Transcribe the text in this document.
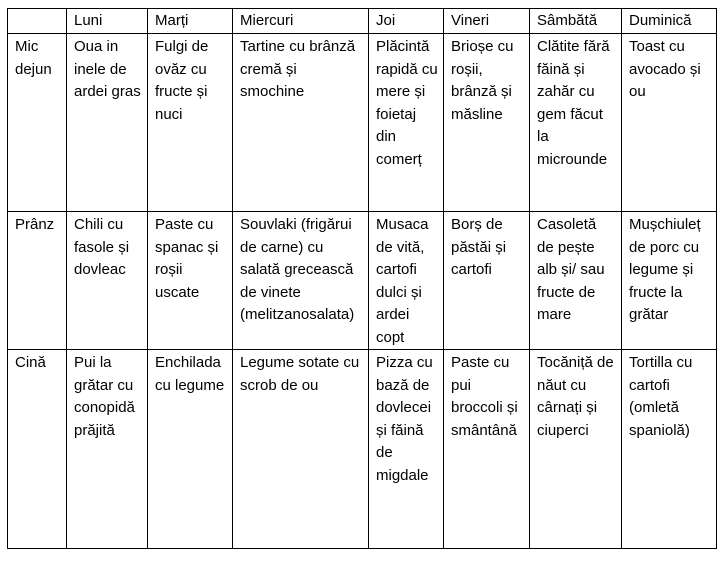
	Luni	Marți	Miercuri	Joi	Vineri	Sâmbătă	Duminică
Mic dejun	Oua in inele de ardei gras	Fulgi de ovăz cu fructe și nuci	Tartine cu brânză cremă și smochine	Plăcintă rapidă cu mere și foietaj din comerț	Brioșe cu roșii, brânză și măsline	Clătite fără făină și zahăr cu gem făcut la microunde	Toast cu avocado și ou
Prânz	Chili cu fasole și dovleac	Paste cu spanac și roșii uscate	Souvlaki (frigărui de carne) cu salată grecească de vinete (melitzanosalata)	Musaca de vită, cartofi dulci și ardei copt	Borș de păstăi și cartofi	Casoletă de pește alb și/ sau fructe de mare	Mușchiuleț de porc cu legume și fructe la grătar
Cină	Pui la grătar cu conopidă prăjită	Enchilada cu legume	Legume sotate cu scrob de ou	Pizza cu bază de dovlecei și făină de migdale	Paste cu pui broccoli și smântână	Tocăniță de năut cu cârnați și ciuperci	Tortilla cu cartofi (omletă spaniolă)
